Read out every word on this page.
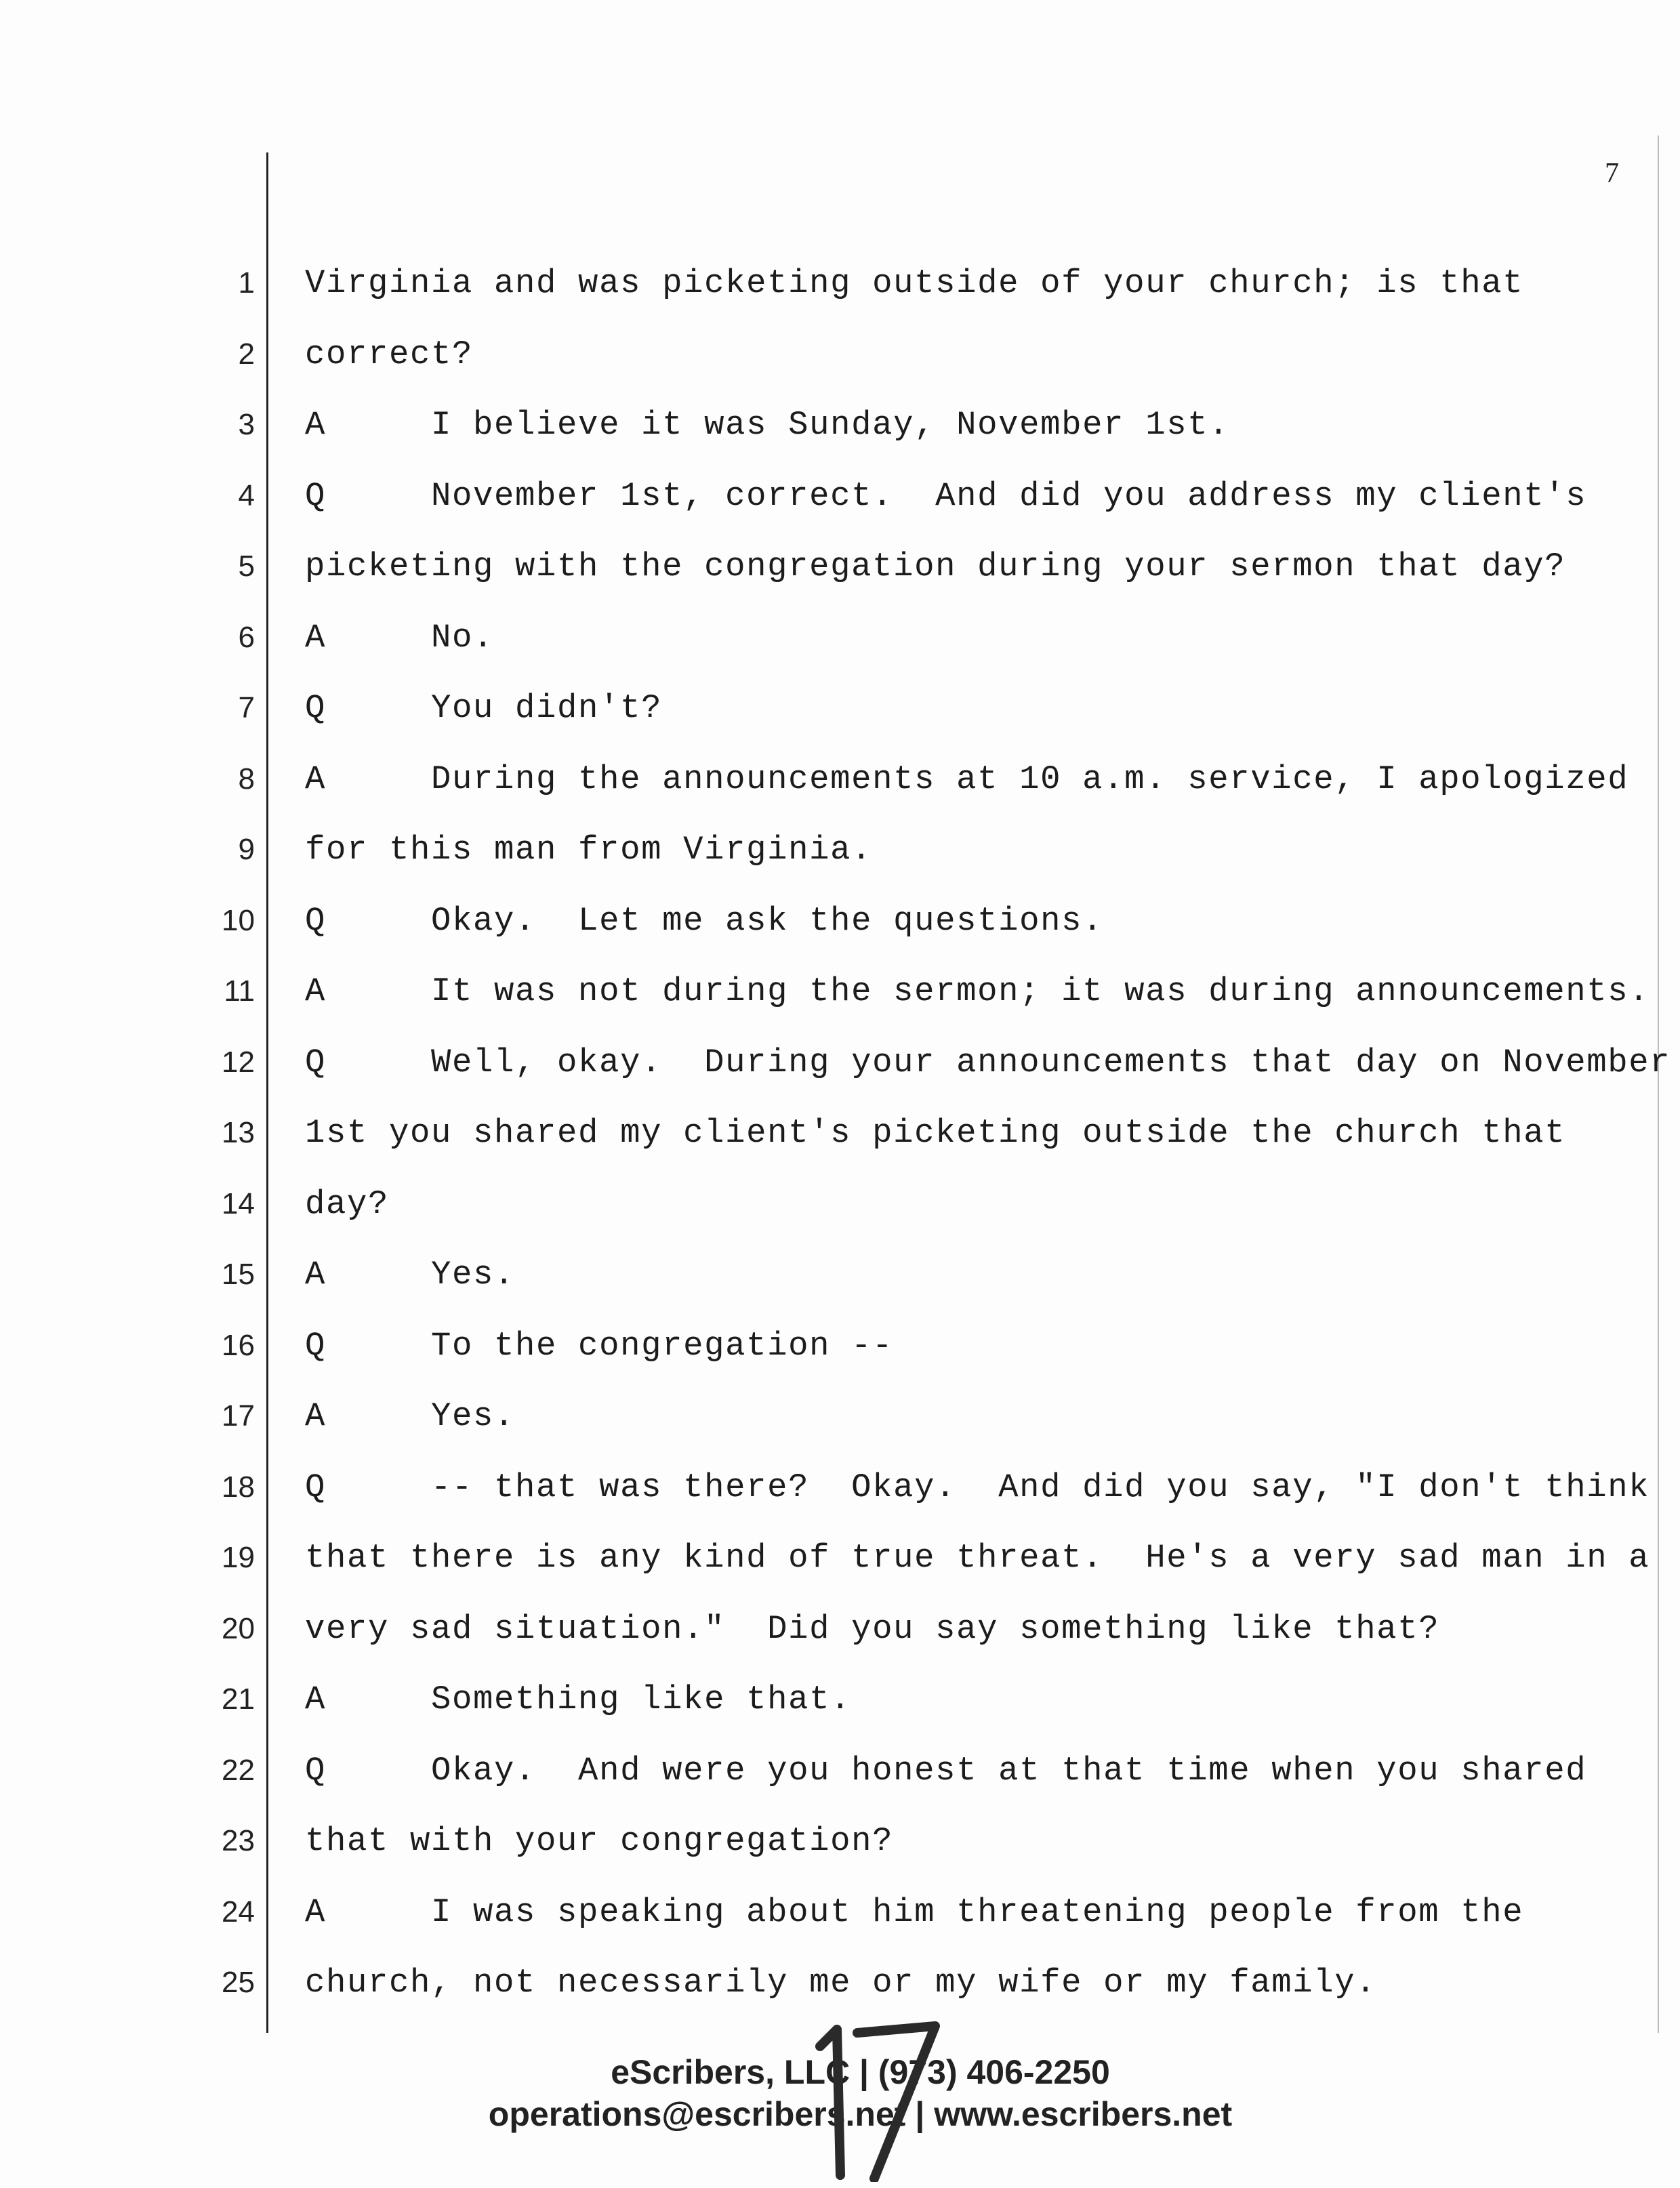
7

1

Virginia and was picketing outside of your church; is that

2

correct?

3

A     I believe it was Sunday, November 1st.

4

Q     November 1st, correct.  And did you address my client's

5

picketing with the congregation during your sermon that day?

6

A     No.

7

Q     You didn't?

8

A     During the announcements at 10 a.m. service, I apologized

9

for this man from Virginia.

10

Q     Okay.  Let me ask the questions.

11

A     It was not during the sermon; it was during announcements.

12

Q     Well, okay.  During your announcements that day on November

13

1st you shared my client's picketing outside the church that

14

day?

15

A     Yes.

16

Q     To the congregation --

17

A     Yes.

18

Q     -- that was there?  Okay.  And did you say, "I don't think

19

that there is any kind of true threat.  He's a very sad man in a

20

very sad situation."  Did you say something like that?

21

A     Something like that.

22

Q     Okay.  And were you honest at that time when you shared

23

that with your congregation?

24

A     I was speaking about him threatening people from the

25

church, not necessarily me or my wife or my family.

eScribers, LLC | (973) 406-2250
operations@escribers.net | www.escribers.net
